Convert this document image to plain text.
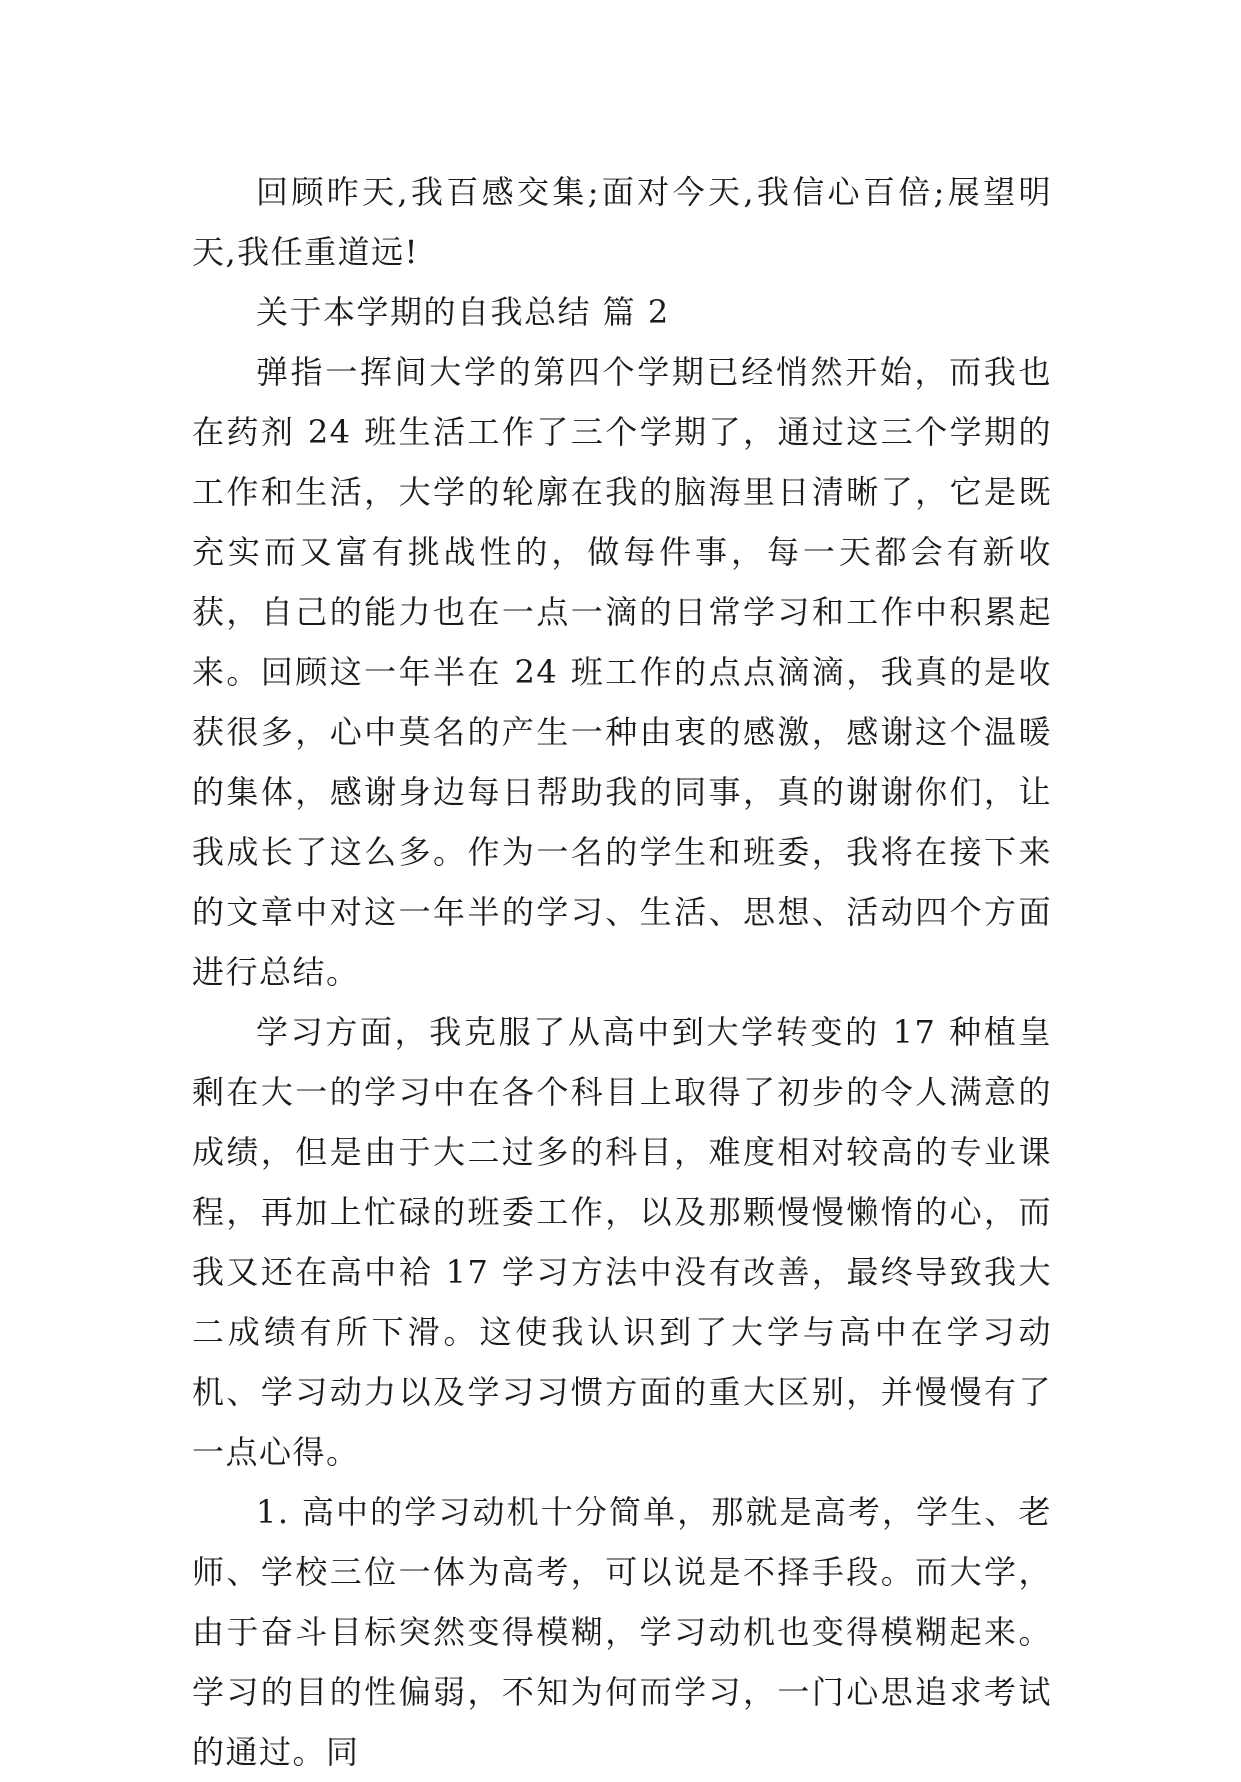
回顾昨天,我百感交集;面对今天,我信心百倍;展望明天,我任重道远!

关于本学期的自我总结 篇 2

弹指一挥间大学的第四个学期已经悄然开始，而我也在药剂 24 班生活工作了三个学期了，通过这三个学期的工作和生活，大学的轮廓在我的脑海里日清晰了，它是既充实而又富有挑战性的，做每件事，每一天都会有新收获，自己的能力也在一点一滴的日常学习和工作中积累起来。回顾这一年半在 24 班工作的点点滴滴，我真的是收获很多，心中莫名的产生一种由衷的感激，感谢这个温暖的集体，感谢身边每日帮助我的同事，真的谢谢你们，让我成长了这么多。作为一名的学生和班委，我将在接下来的文章中对这一年半的学习、生活、思想、活动四个方面进行总结。

学习方面，我克服了从高中到大学转变的 17 种植皇剩在大一的学习中在各个科目上取得了初步的令人满意的成绩，但是由于大二过多的科目，难度相对较高的专业课程，再加上忙碌的班委工作，以及那颗慢慢懒惰的心，而我又还在高中袷 17 学习方法中没有改善，最终导致我大二成绩有所下滑。这使我认识到了大学与高中在学习动机、学习动力以及学习习惯方面的重大区别，并慢慢有了一点心得。

1. 高中的学习动机十分简单，那就是高考，学生、老师、学校三位一体为高考，可以说是不择手段。而大学，由于奋斗目标突然变得模糊，学习动机也变得模糊起来。学习的目的性偏弱，不知为何而学习，一门心思追求考试的通过。同
